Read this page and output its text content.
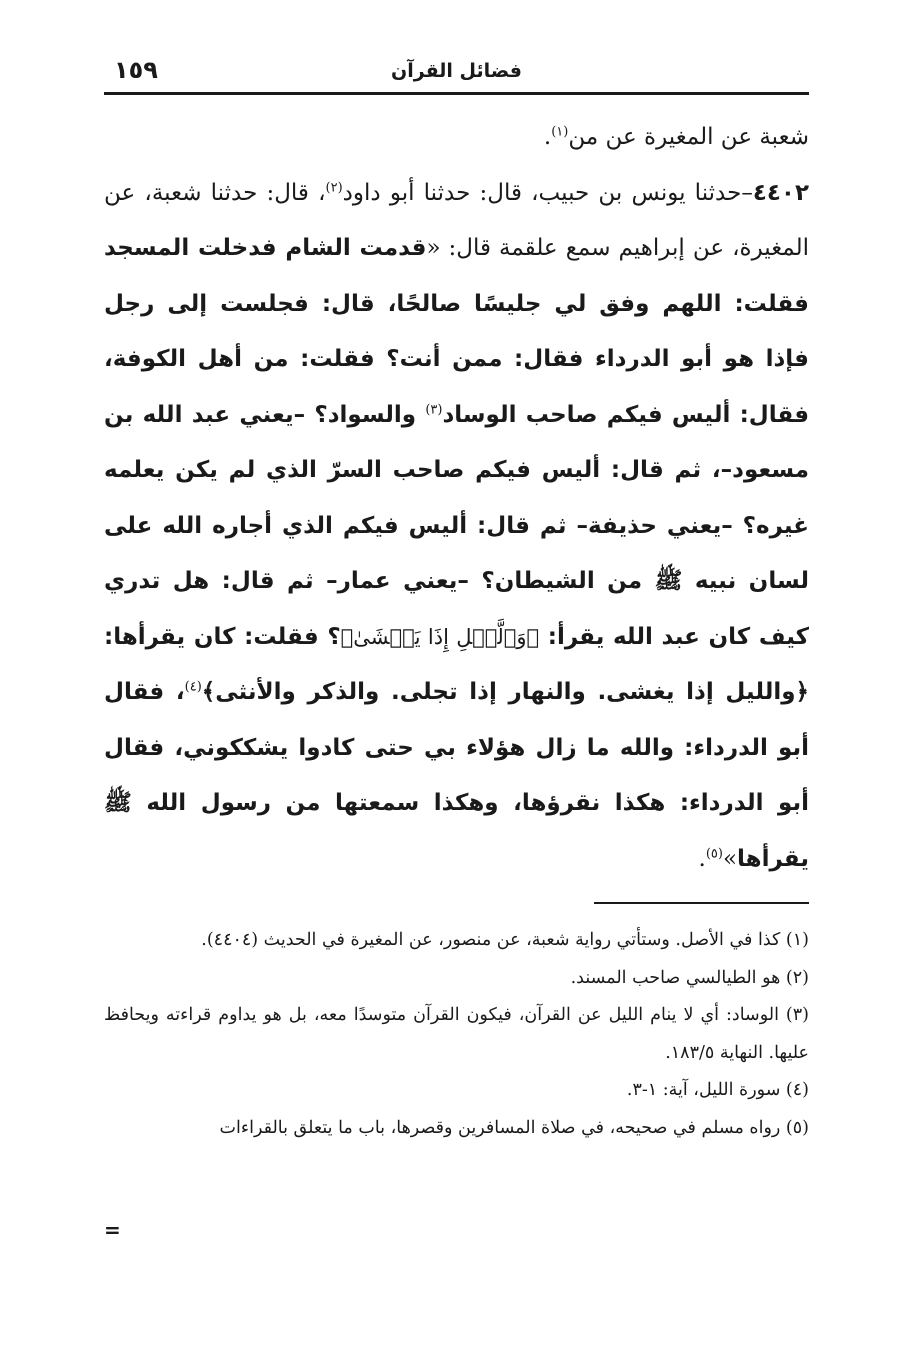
فضائل القرآن
١٥٩

شعبة عن المغيرة عن من$^{(١)}$.

٤٤٠٢–حدثنا يونس بن حبيب، قال: حدثنا أبو داود$^{(٢)}$، قال: حدثنا شعبة، عن المغيرة، عن إبراهيم سمع علقمة قال: «قدمت الشام فدخلت المسجد فقلت: اللهم وفق لي جليسًا صالحًا، قال: فجلست إلى رجل فإذا هو أبو الدرداء فقال: ممن أنت؟ فقلت: من أهل الكوفة، فقال: أليس فيكم صاحب الوساد$^{(٣)}$ والسواد؟ –يعني عبد الله بن مسعود–، ثم قال: أليس فيكم صاحب السرّ الذي لم يكن يعلمه غيره؟ –يعني حذيفة– ثم قال: أليس فيكم الذي أجاره الله على لسان نبيه ﷺ من الشيطان؟ –يعني عمار– ثم قال: هل تدري كيف كان عبد الله يقرأ: ﴿وَٱلَّيۡلِ إِذَا يَغۡشَىٰ﴾؟ فقلت: كان يقرأها: ﴿والليل إذا يغشى. والنهار إذا تجلى. والذكر والأنثى﴾$^{(٤)}$، فقال أبو الدرداء: والله ما زال هؤلاء بي حتى كادوا يشككوني، فقال أبو الدرداء: هكذا نقرؤها، وهكذا سمعتها من رسول الله ﷺ يقرأها»$^{(٥)}$.

(١) كذا في الأصل. وستأتي رواية شعبة، عن منصور، عن المغيرة في الحديث (٤٤٠٤).

(٢) هو الطيالسي صاحب المسند.

(٣) الوساد: أي لا ينام الليل عن القرآن، فيكون القرآن متوسدًا معه، بل هو يداوم قراءته ويحافظ عليها. النهاية ١٨٣/٥.

(٤) سورة الليل، آية: ١-٣.

(٥) رواه مسلم في صحيحه، في صلاة المسافرين وقصرها، باب ما يتعلق بالقراءات

=
